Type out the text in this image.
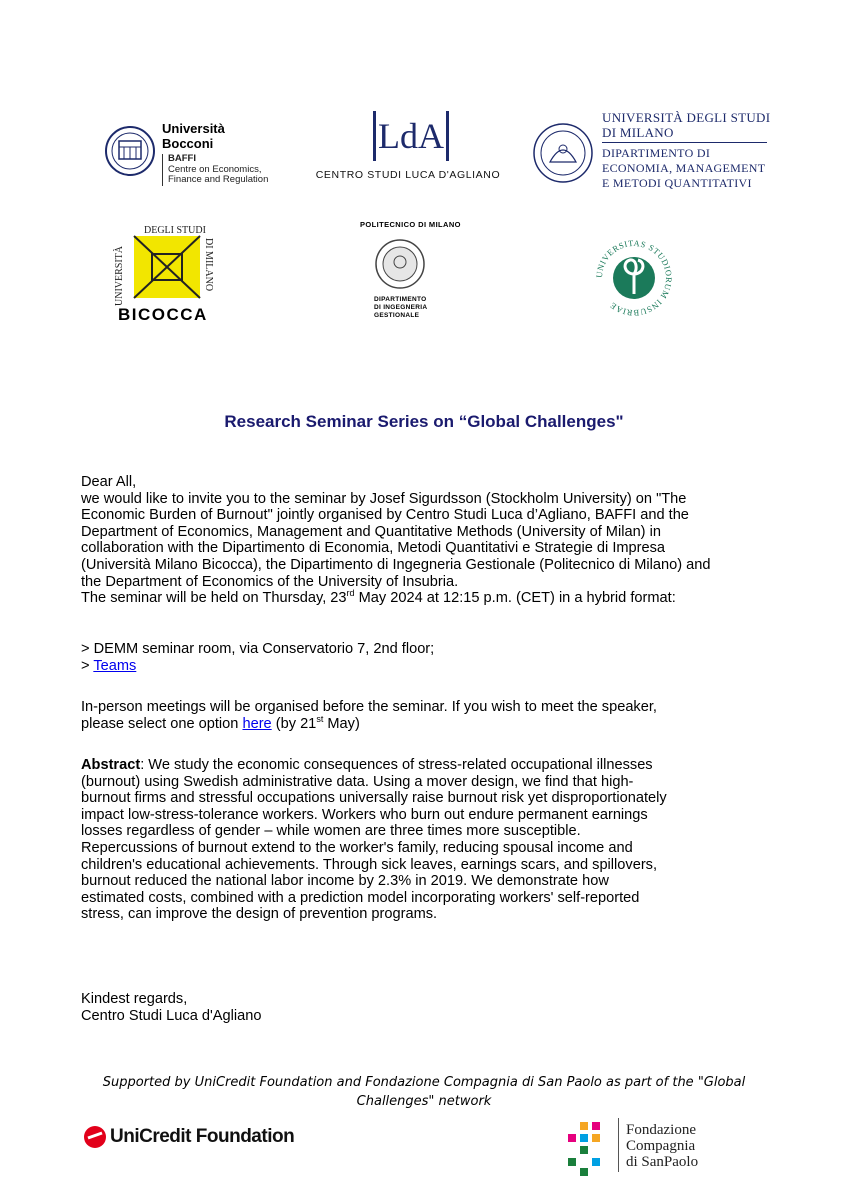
Università
Bocconi
BAFFI
Centre on Economics,
Finance and Regulation
LdA
CENTRO STUDI LUCA D'AGLIANO
UNIVERSITÀ DEGLI STUDI
DI MILANO
DIPARTIMENTO DI
ECONOMIA, MANAGEMENT
E METODI QUANTITATIVI
UNIVERSITÀ
DEGLI STUDI
DI MILANO
BICOCCA
POLITECNICO DI MILANO
DIPARTIMENTO
DI INGEGNERIA
GESTIONALE
UNIVERSITAS STUDIORUM INSUBRIAE
Research Seminar Series on “Global Challenges"

Dear All,

we would like to invite you to the seminar by Josef Sigurdsson (Stockholm University) on "The

Economic Burden of Burnout" jointly organised by Centro Studi Luca d’Agliano, BAFFI and the

Department of Economics, Management and Quantitative Methods (University of Milan) in

collaboration with the Dipartimento di Economia, Metodi Quantitativi e Strategie di Impresa

(Università Milano Bicocca), the Dipartimento di Ingegneria Gestionale (Politecnico di Milano) and

the Department of Economics of the University of Insubria.

The seminar will be held on Thursday, 23rd May 2024 at 12:15 p.m. (CET) in a hybrid format:

> DEMM seminar room, via Conservatorio 7, 2nd floor;

> Teams

In-person meetings will be organised before the seminar. If you wish to meet the speaker,

please select one option here (by 21st May)

Abstract: We study the economic consequences of stress-related occupational illnesses

(burnout) using Swedish administrative data. Using a mover design, we find that high-

burnout firms and stressful occupations universally raise burnout risk yet disproportionately

impact low-stress-tolerance workers. Workers who burn out endure permanent earnings

losses regardless of gender – while women are three times more susceptible.

Repercussions of burnout extend to the worker's family, reducing spousal income and

children's educational achievements. Through sick leaves, earnings scars, and spillovers,

burnout reduced the national labor income by 2.3% in 2019. We demonstrate how

estimated costs, combined with a prediction model incorporating workers' self-reported

stress, can improve the design of prevention programs.

Kindest regards,

Centro Studi Luca d'Agliano

Supported by UniCredit Foundation and Fondazione Compagnia di San Paolo as part of the "Global
Challenges" network
UniCredit Foundation	Fondazione
Compagnia
di SanPaolo
